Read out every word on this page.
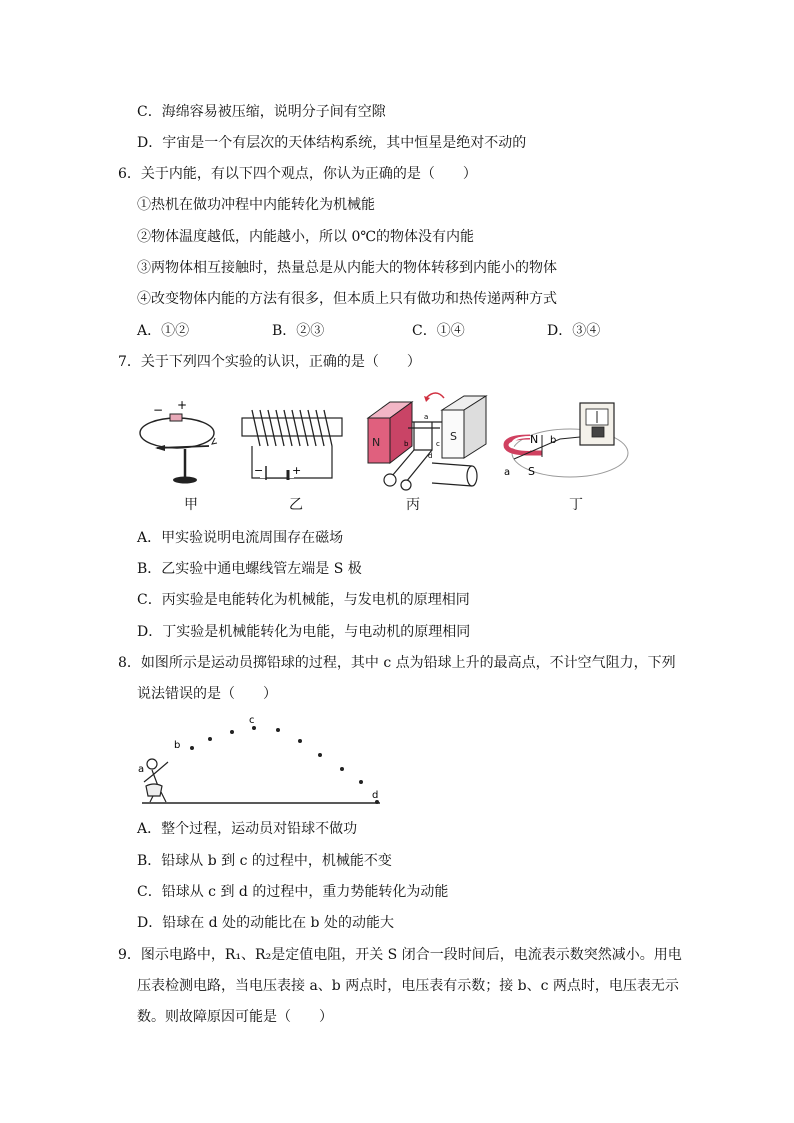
C．海绵容易被压缩，说明分子间有空隙
D．宇宙是一个有层次的天体结构系统，其中恒星是绝对不动的
6．关于内能，有以下四个观点，你认为正确的是（　　）
①热机在做功冲程中内能转化为机械能
②物体温度越低，内能越小，所以 0℃的物体没有内能
③两物体相互接触时，热量总是从内能大的物体转移到内能小的物体
④改变物体内能的方法有很多，但本质上只有做功和热传递两种方式
A．①②	B．②③	C．①④	D．③④
7．关于下列四个实验的认识，正确的是（　　）
− +
甲
−	+
乙
N	S
a
b	c
d
丙
N
S
b
a
丁
A．甲实验说明电流周围存在磁场
B．乙实验中通电螺线管左端是 S 极
C．丙实验是电能转化为机械能，与发电机的原理相同
D．丁实验是机械能转化为电能，与电动机的原理相同
8．如图所示是运动员掷铅球的过程，其中 c 点为铅球上升的最高点，不计空气阻力，下列
说法错误的是（　　）
a
b
c
d
A．整个过程，运动员对铅球不做功
B．铅球从 b 到 c 的过程中，机械能不变
C．铅球从 c 到 d 的过程中，重力势能转化为动能
D．铅球在 d 处的动能比在 b 处的动能大
9．图示电路中，R₁、R₂是定值电阻，开关 S 闭合一段时间后，电流表示数突然减小。用电
压表检测电路，当电压表接 a、b 两点时，电压表有示数；接 b、c 两点时，电压表无示
数。则故障原因可能是（　　）
